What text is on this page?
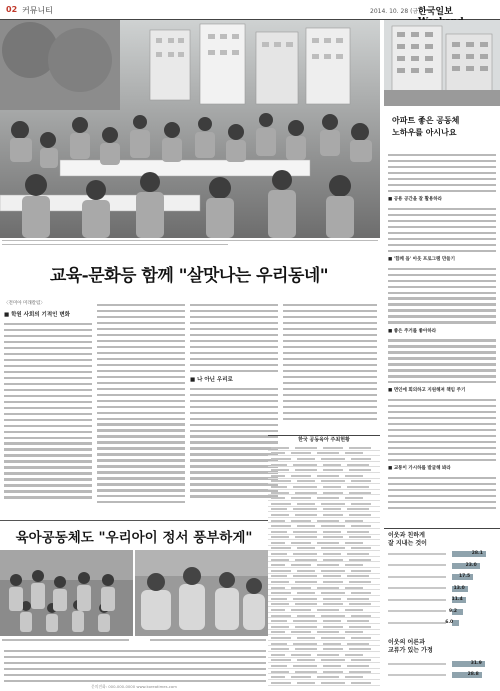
02 커뮤니티	2014. 10. 28 (금)
한국일보
교육-문화등 함께 "살맛나는 우리동네"
〈전미아 미래칼럼〉
■ 학원 사회의 기적인 변화
■ 나 아닌 우리로
아파트 좋은 공동체
노하우를 아시나요
■ 공용 공간을 잘 활용하라
■ '함께 돕' 아웃 프로그램 만들기
■ 좋은 주거를 좋아하라
■ 면인에 회의하고 지원해져 책임 주기
■ 교통이 가시하를 발굴해 봐라
한국 공동육아 주최현황
육아공동체도 "우리아이 정서 풍부하게"	이웃과 친하게
잘 지내는 것이
28.1
23.0
17.5
13.0
11.4
9.2
6.0
이웃의 어른과
교류가 있는 가정
31.9
28.8
문의전화: 000-000-0000 www.koreatimes.com
